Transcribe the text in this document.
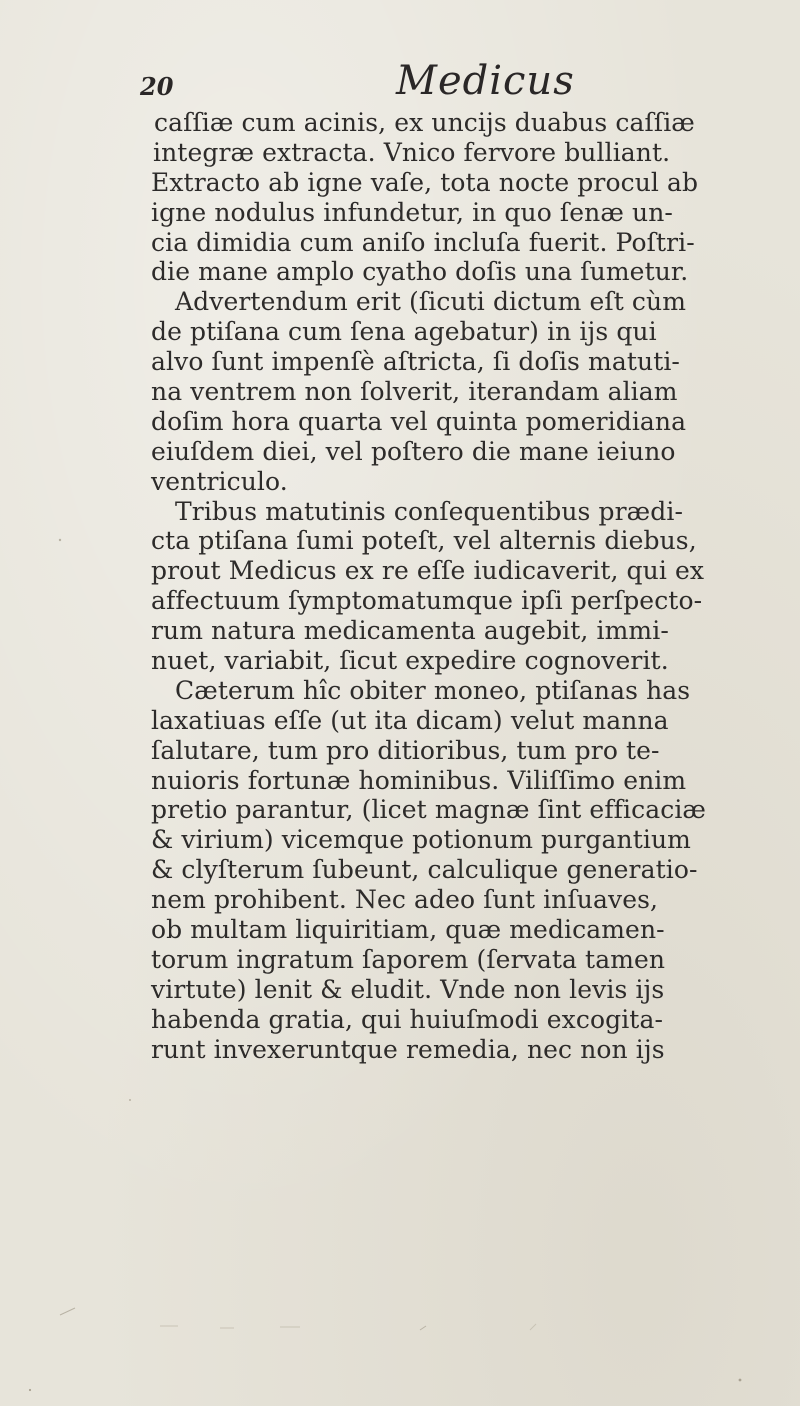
20	Medicus
caſſiæ cum acinis, ex uncijs duabus caſſiæ
integræ extracta. Vnico fervore bulliant.
Extracto ab igne vaſe, tota nocte procul ab
igne nodulus infundetur, in quo ſenæ un-
cia dimidia cum aniſo incluſa fuerit. Poſtri-
die mane amplo cyatho doſis una ſumetur.
Advertendum erit (ſicuti dictum eſt cùm
de ptiſana cum ſena agebatur) in ijs qui
alvo ſunt impenſè aſtricta, ſi doſis matuti-
na ventrem non ſolverit, iterandam aliam
doſim hora quarta vel quinta pomeridiana
eiuſdem diei, vel poſtero die mane ieiuno
ventriculo.
Tribus matutinis conſequentibus prædi-
cta ptiſana ſumi poteſt, vel alternis diebus,
prout Medicus ex re eſſe iudicaverit, qui ex
affectuum ſymptomatumque ipſi perſpecto-
rum natura medicamenta augebit, immi-
nuet, variabit, ſicut expedire cognoverit.
Cæterum hîc obiter moneo, ptiſanas has
laxatiuas eſſe (ut ita dicam) velut manna
ſalutare, tum pro ditioribus, tum pro te-
nuioris fortunæ hominibus. Viliſſimo enim
pretio parantur, (licet magnæ ſint efficaciæ
& virium) vicemque potionum purgantium
& clyſterum ſubeunt, calculique generatio-
nem prohibent. Nec adeo ſunt inſuaves,
ob multam liquiritiam, quæ medicamen-
torum ingratum ſaporem (ſervata tamen
virtute) lenit & eludit. Vnde non levis ijs
habenda gratia, qui huiuſmodi excogita-
runt invexeruntque remedia, nec non ijs
